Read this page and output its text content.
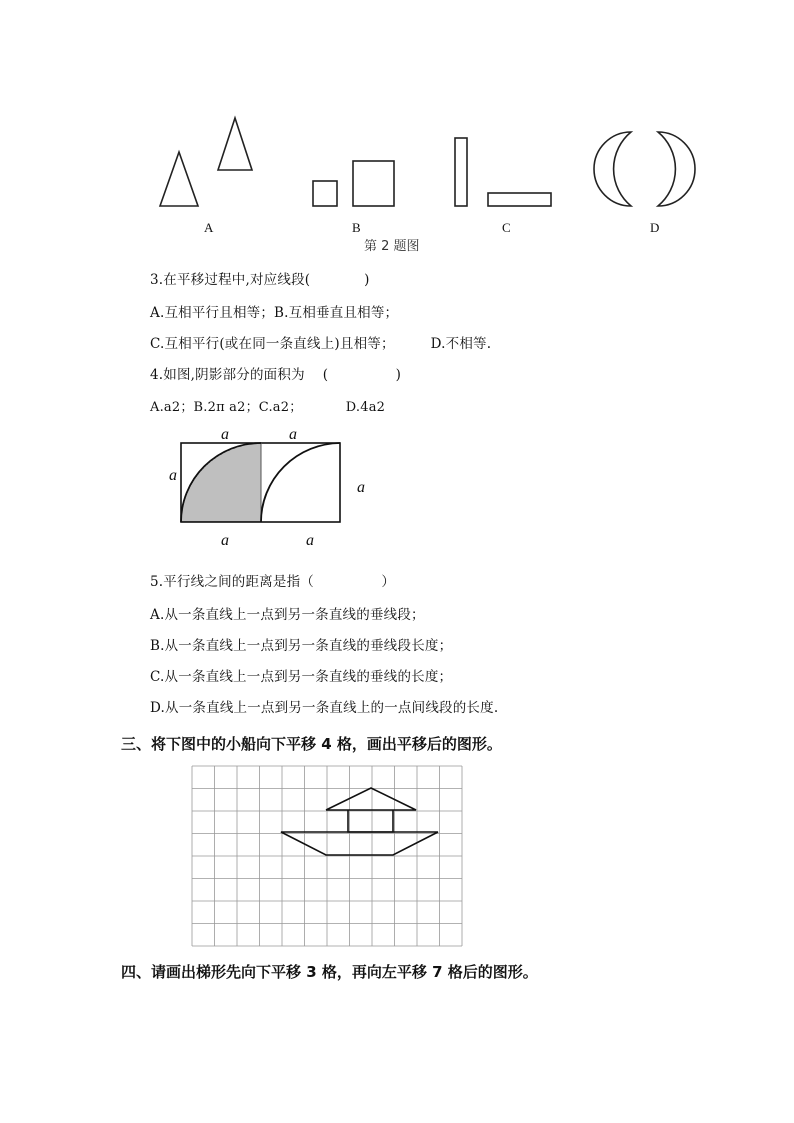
A	B	C	D
第 2 题图
3.在平移过程中,对应线段(            )
A.互相平行且相等；B.互相垂直且相等；
C.互相平行(或在同一条直线上)且相等；        D.不相等.
4.如图,阴影部分的面积为    (               )
A.a2；B.2π a2；C.a2；          D.4a2
a	a
a
a
a	a
5.平行线之间的距离是指（               ）
A.从一条直线上一点到另一条直线的垂线段；
B.从一条直线上一点到另一条直线的垂线段长度；
C.从一条直线上一点到另一条直线的垂线的长度；
D.从一条直线上一点到另一条直线上的一点间线段的长度.
三、将下图中的小船向下平移 4 格，画出平移后的图形。
四、请画出梯形先向下平移 3 格，再向左平移 7 格后的图形。
